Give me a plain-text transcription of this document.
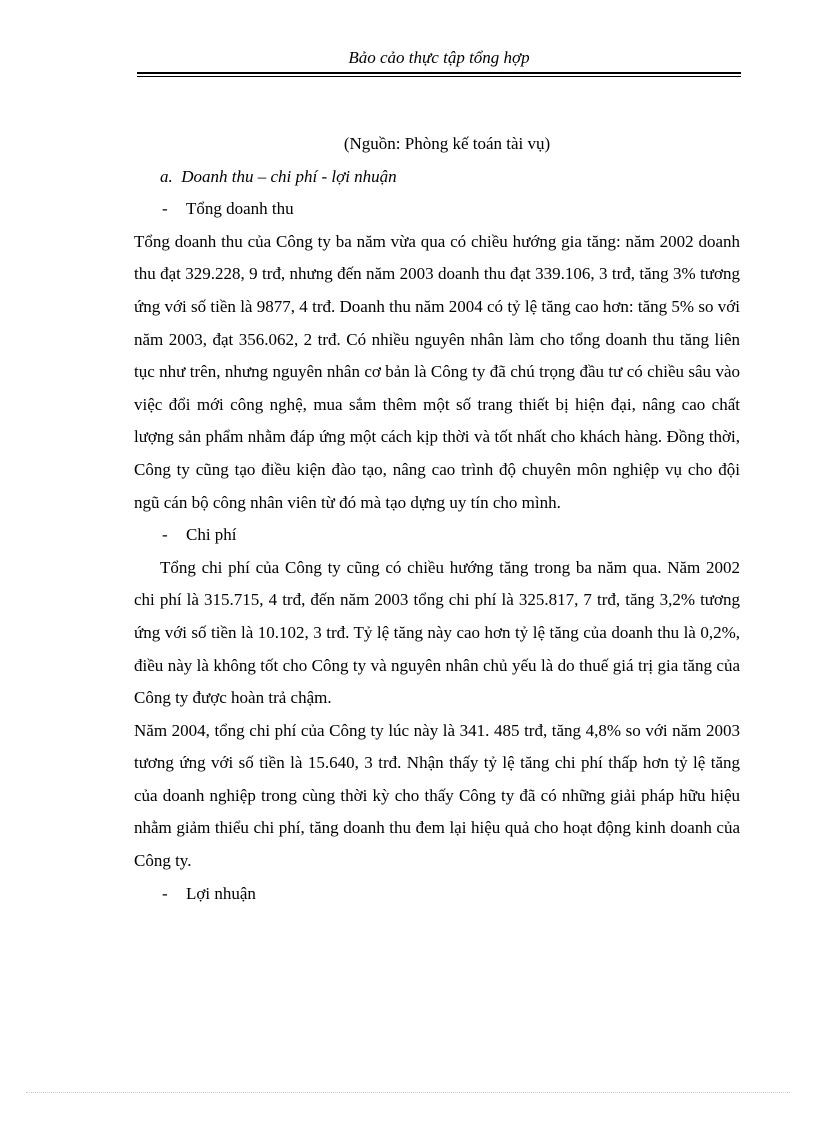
Bảo cảo thực tập tổng hợp

(Nguồn: Phòng kế toán tài vụ)

a. Doanh thu – chi phí - lợi nhuận

- Tổng doanh thu

Tổng doanh thu của Công ty ba năm vừa qua có chiều hướng gia tăng: năm 2002 doanh thu đạt 329.228, 9 trđ, nhưng đến năm 2003 doanh thu đạt 339.106, 3 trđ, tăng 3% tương ứng với số tiền là 9877, 4 trđ. Doanh thu năm 2004 có tỷ lệ tăng cao hơn: tăng 5% so với năm 2003, đạt 356.062, 2 trđ. Có nhiều nguyên nhân làm cho tổng doanh thu tăng liên tục như trên, nhưng nguyên nhân cơ bản là Công ty đã chú trọng đầu tư có chiều sâu vào việc đổi mới công nghệ, mua sắm thêm một số trang thiết bị hiện đại, nâng cao chất lượng sản phẩm nhằm đáp ứng một cách kịp thời và tốt nhất cho khách hàng. Đồng thời, Công ty cũng tạo điều kiện đào tạo, nâng cao trình độ chuyên môn nghiệp vụ cho đội ngũ cán bộ công nhân viên từ đó mà tạo dựng uy tín cho mình.

- Chi phí

Tổng chi phí của Công ty cũng có chiều hướng tăng trong ba năm qua. Năm 2002 chi phí là 315.715, 4 trđ, đến năm 2003 tổng chi phí là 325.817, 7 trđ, tăng 3,2% tương ứng với số tiền là 10.102, 3 trđ. Tỷ lệ tăng này cao hơn tỷ lệ tăng của doanh thu là 0,2%, điều này là không tốt cho Công ty và nguyên nhân chủ yếu là do thuế giá trị gia tăng của Công ty được hoàn trả chậm.

Năm 2004, tổng chi phí của Công ty lúc này là 341. 485 trđ, tăng 4,8% so với năm 2003 tương ứng với số tiền là 15.640, 3 trđ. Nhận thấy tỷ lệ tăng chi phí thấp hơn tỷ lệ tăng của doanh nghiệp trong cùng thời kỳ cho thấy Công ty đã có những giải pháp hữu hiệu nhằm giảm thiểu chi phí, tăng doanh thu đem lại hiệu quả cho hoạt động kinh doanh của Công ty.

- Lợi nhuận
